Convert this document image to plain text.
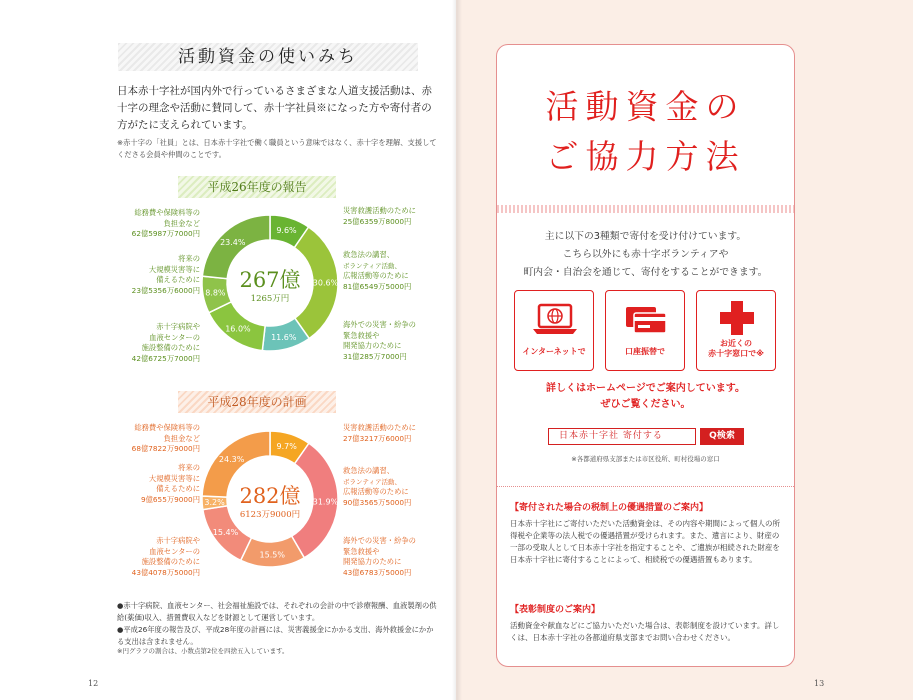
活動資金の使いみち
日本赤十字社が国内外で行っているさまざまな人道支援活動は、赤十字の理念や活動に賛同して、赤十字社員※になった方や寄付者の方がたに支えられています。
※赤十字の「社員」とは、日本赤十字社で働く職員という意味ではなく、赤十字を理解、支援してくださる会員や仲間のことです。
平成26年度の報告
平成28年度の計画
9.6%
30.6%
11.6%
16.0%
8.8%
23.4%
267億
1265万円
9.7%
31.9%
15.5%
15.4%
3.2%
24.3%
282億
6123万9000円
総務費や保険料等の
負担金など
62億5987万7000円
将来の
大規模災害等に
備えるために
23億5356万6000円
赤十字病院や
血液センターの
施設整備のために
42億6725万7000円
災害救護活動のために
25億6359万8000円
救急法の講習、
ボランティア活動、
広報活動等のために
81億6549万5000円
海外での災害・紛争の
緊急救援や
開発協力のために
31億285万7000円
総務費や保険料等の
負担金など
68億7822万9000円
将来の
大規模災害等に
備えるために
9億655万9000円
赤十字病院や
血液センターの
施設整備のために
43億4078万5000円
災害救護活動のために
27億3217万6000円
救急法の講習、
ボランティア活動、
広報活動等のために
90億3565万5000円
海外での災害・紛争の
緊急救援や
開発協力のために
43億6783万5000円
●赤十字病院、血液センター、社会福祉施設では、それぞれの会計の中で診療報酬、血液製剤の供給(薬価)収入、措置費収入などを財源として運営しています。
●平成26年度の報告及び、平成28年度の計画には、災害義援金にかかる支出、海外救援金にかかる支出は含まれません。
※円グラフの割合は、小数点第2位を四捨五入しています。
12
活動資金の
ご協力方法
主に以下の3種類で寄付を受け付けています。
こちら以外にも赤十字ボランティアや
町内会・自治会を通じて、寄付をすることができます。
インターネットで	口座振替で
お近くの
赤十字窓口で※
詳しくはホームページでご案内しています。
ぜひご覧ください。
日本赤十字社 寄付する	Q検索
※各都道府県支部または市区役所、町村役場の窓口
【寄付された場合の税制上の優遇措置のご案内】
日本赤十字社にご寄付いただいた活動資金は、その内容や期間によって個人の所得税や企業等の法人税での優遇措置が受けられます。また、遺言により、財産の一部の受取人として日本赤十字社を指定することや、ご遺族が相続された財産を日本赤十字社に寄付することによって、相続税での優遇措置もあります。
【表彰制度のご案内】
活動資金や献血などにご協力いただいた場合は、表彰制度を設けています。詳しくは、日本赤十字社の各都道府県支部までお問い合わせください。
13
